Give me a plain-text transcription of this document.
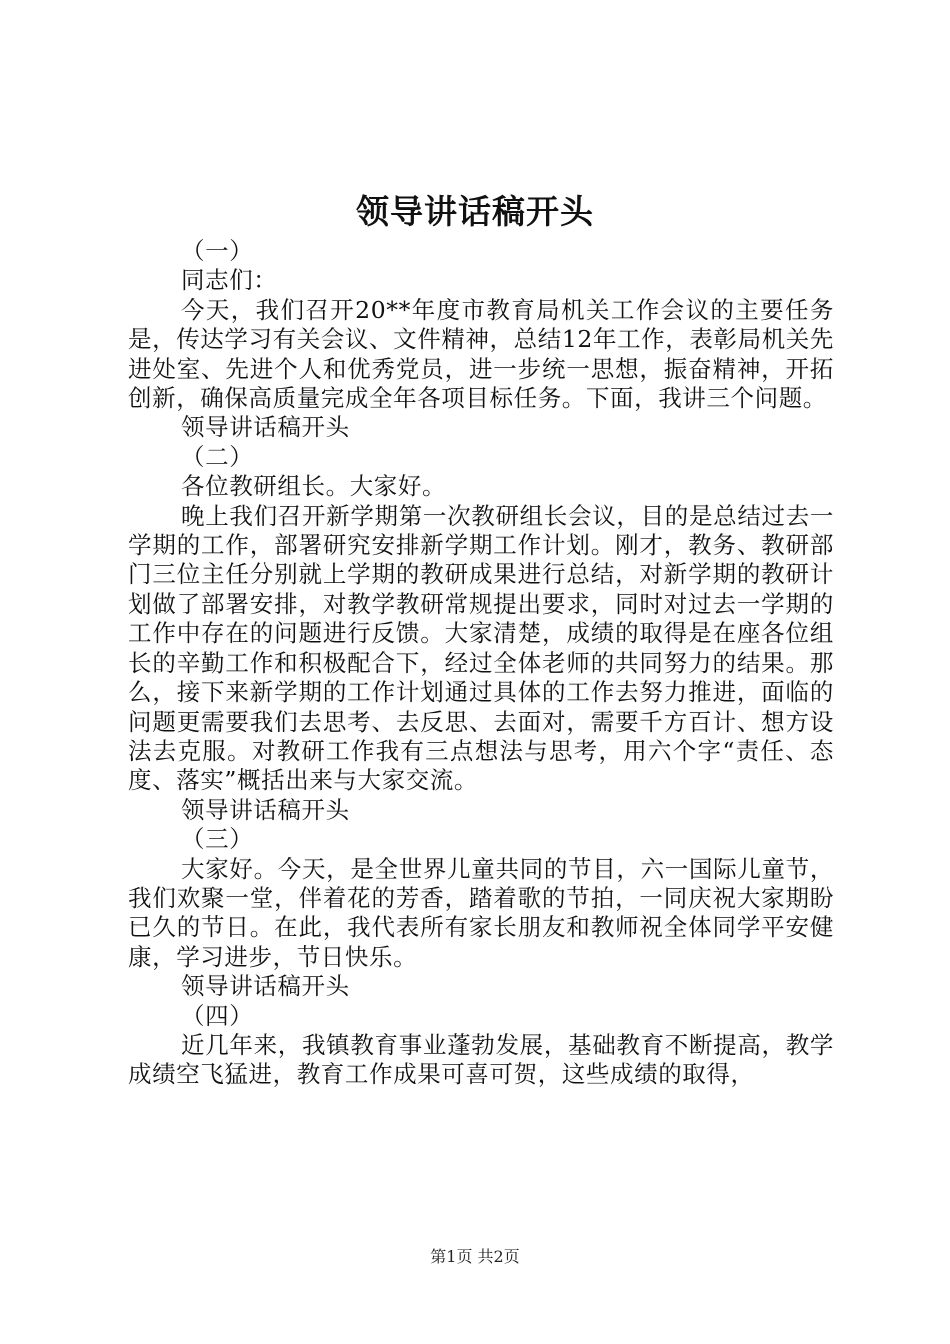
领导讲话稿开头

（一）

同志们：

今天，我们召开20**年度市教育局机关工作会议的主要任务是，传达学习有关会议、文件精神，总结12年工作，表彰局机关先进处室、先进个人和优秀党员，进一步统一思想，振奋精神，开拓创新，确保高质量完成全年各项目标任务。下面，我讲三个问题。

领导讲话稿开头

（二）

各位教研组长。大家好。

晚上我们召开新学期第一次教研组长会议，目的是总结过去一学期的工作，部署研究安排新学期工作计划。刚才，教务、教研部门三位主任分别就上学期的教研成果进行总结，对新学期的教研计划做了部署安排，对教学教研常规提出要求，同时对过去一学期的工作中存在的问题进行反馈。大家清楚，成绩的取得是在座各位组长的辛勤工作和积极配合下，经过全体老师的共同努力的结果。那么，接下来新学期的工作计划通过具体的工作去努力推进，面临的问题更需要我们去思考、去反思、去面对，需要千方百计、想方设法去克服。对教研工作我有三点想法与思考，用六个字“责任、态度、落实”概括出来与大家交流。

领导讲话稿开头

（三）

大家好。今天，是全世界儿童共同的节目，六一国际儿童节，我们欢聚一堂，伴着花的芳香，踏着歌的节拍，一同庆祝大家期盼已久的节日。在此，我代表所有家长朋友和教师祝全体同学平安健康，学习进步，节日快乐。

领导讲话稿开头

（四）

近几年来，我镇教育事业蓬勃发展，基础教育不断提高，教学成绩空飞猛进，教育工作成果可喜可贺，这些成绩的取得，

第1页 共2页
